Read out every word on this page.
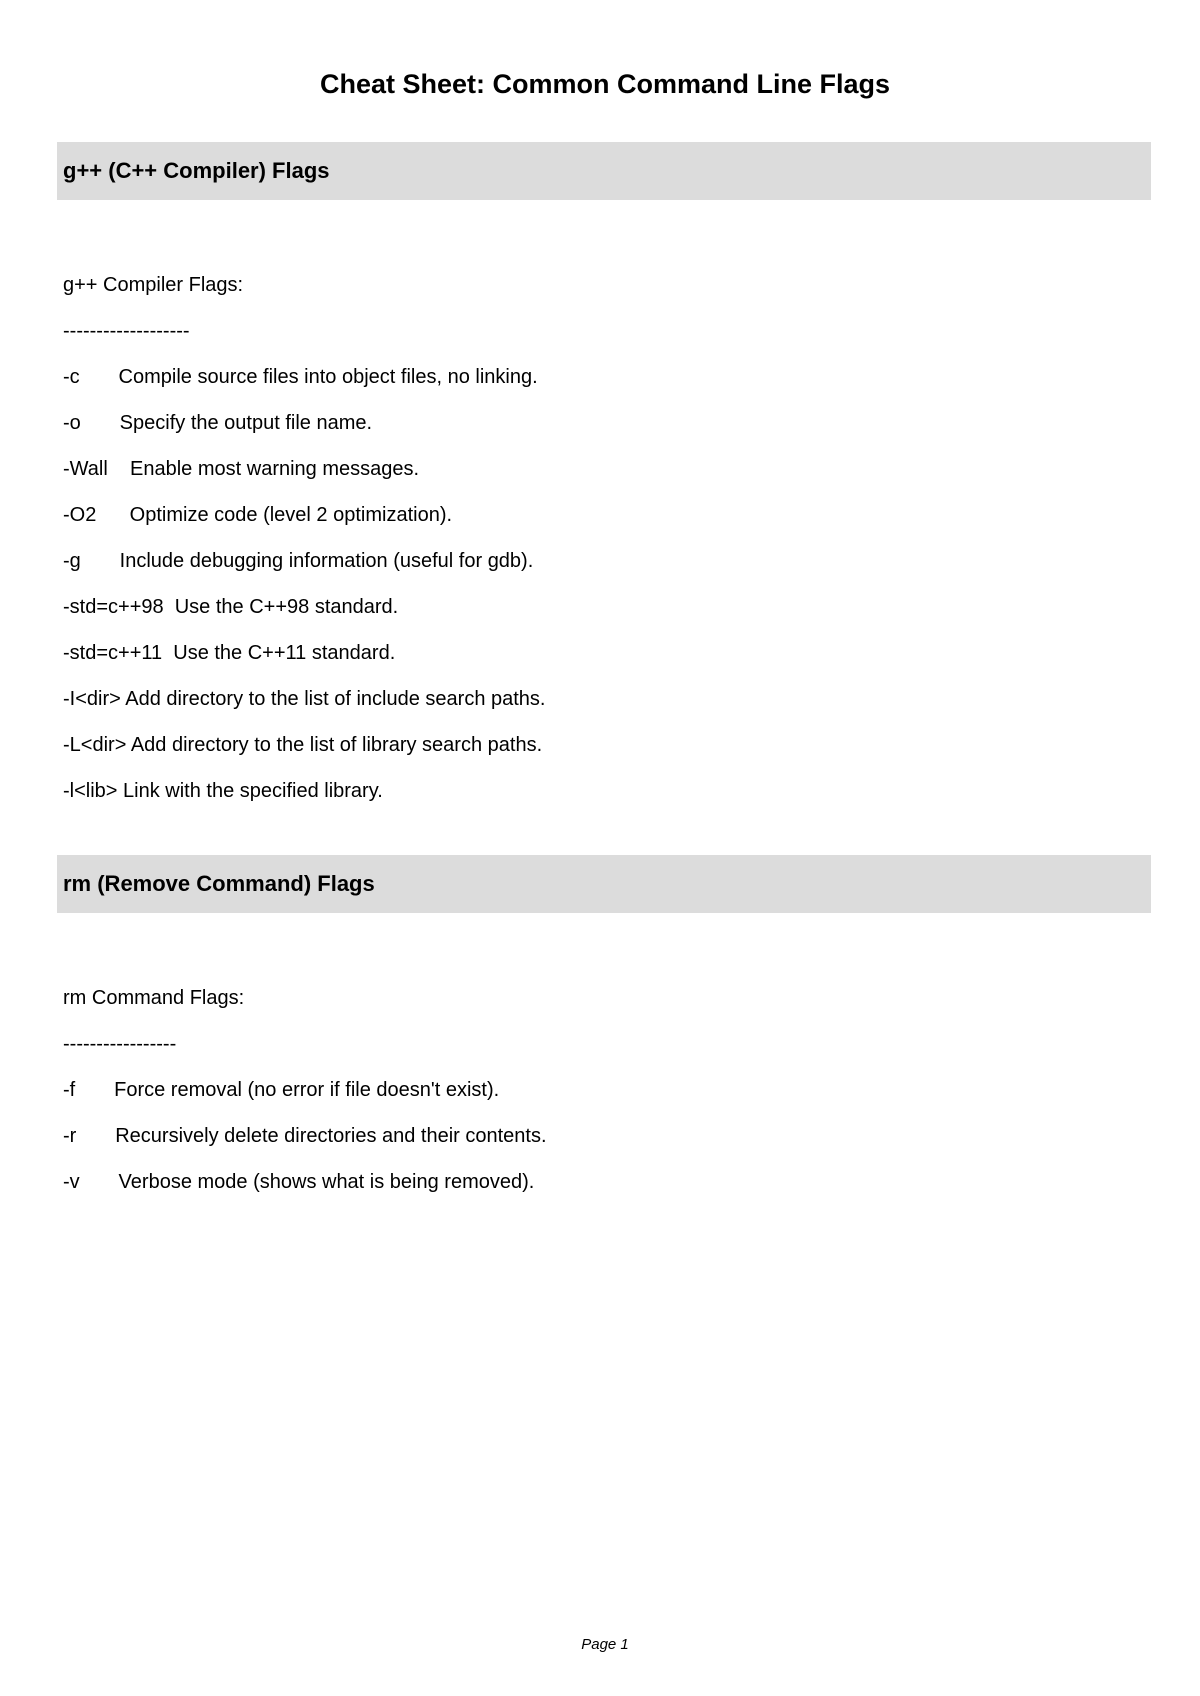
Cheat Sheet: Common Command Line Flags
g++ (C++ Compiler) Flags
g++ Compiler Flags:
-------------------
-c       Compile source files into object files, no linking.
-o       Specify the output file name.
-Wall    Enable most warning messages.
-O2      Optimize code (level 2 optimization).
-g       Include debugging information (useful for gdb).
-std=c++98  Use the C++98 standard.
-std=c++11  Use the C++11 standard.
-I<dir> Add directory to the list of include search paths.
-L<dir> Add directory to the list of library search paths.
-l<lib> Link with the specified library.
rm (Remove Command) Flags
rm Command Flags:
-----------------
-f       Force removal (no error if file doesn't exist).
-r       Recursively delete directories and their contents.
-v       Verbose mode (shows what is being removed).
Page 1
